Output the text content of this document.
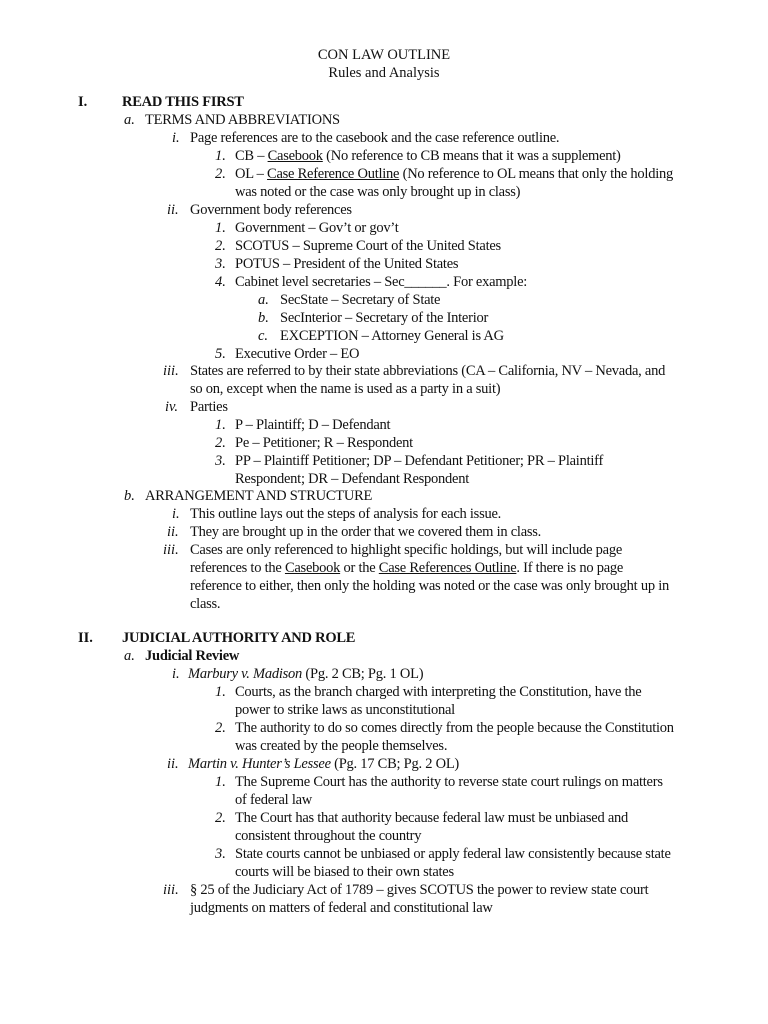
CON LAW OUTLINE
Rules and Analysis
I. READ THIS FIRST
a. TERMS AND ABBREVIATIONS
i. Page references are to the casebook and the case reference outline.
1. CB – Casebook (No reference to CB means that it was a supplement)
2. OL – Case Reference Outline (No reference to OL means that only the holding
was noted or the case was only brought up in class)
ii. Government body references
1. Government – Gov’t or gov’t
2. SCOTUS – Supreme Court of the United States
3. POTUS – President of the United States
4. Cabinet level secretaries – Sec______. For example:
a. SecState – Secretary of State
b. SecInterior – Secretary of the Interior
c. EXCEPTION – Attorney General is AG
5. Executive Order – EO
iii. States are referred to by their state abbreviations (CA – California, NV – Nevada, and
so on, except when the name is used as a party in a suit)
iv. Parties
1. P – Plaintiff; D – Defendant
2. Pe – Petitioner; R – Respondent
3. PP – Plaintiff Petitioner; DP – Defendant Petitioner; PR – Plaintiff
Respondent; DR – Defendant Respondent
b. ARRANGEMENT AND STRUCTURE
i. This outline lays out the steps of analysis for each issue.
ii. They are brought up in the order that we covered them in class.
iii. Cases are only referenced to highlight specific holdings, but will include page
references to the Casebook or the Case References Outline. If there is no page
reference to either, then only the holding was noted or the case was only brought up in
class.
II. JUDICIAL AUTHORITY AND ROLE
a. Judicial Review
i. Marbury v. Madison (Pg. 2 CB; Pg. 1 OL)
1. Courts, as the branch charged with interpreting the Constitution, have the
power to strike laws as unconstitutional
2. The authority to do so comes directly from the people because the Constitution
was created by the people themselves.
ii. Martin v. Hunter’s Lessee (Pg. 17 CB; Pg. 2 OL)
1. The Supreme Court has the authority to reverse state court rulings on matters
of federal law
2. The Court has that authority because federal law must be unbiased and
consistent throughout the country
3. State courts cannot be unbiased or apply federal law consistently because state
courts will be biased to their own states
iii. § 25 of the Judiciary Act of 1789 – gives SCOTUS the power to review state court
judgments on matters of federal and constitutional law
